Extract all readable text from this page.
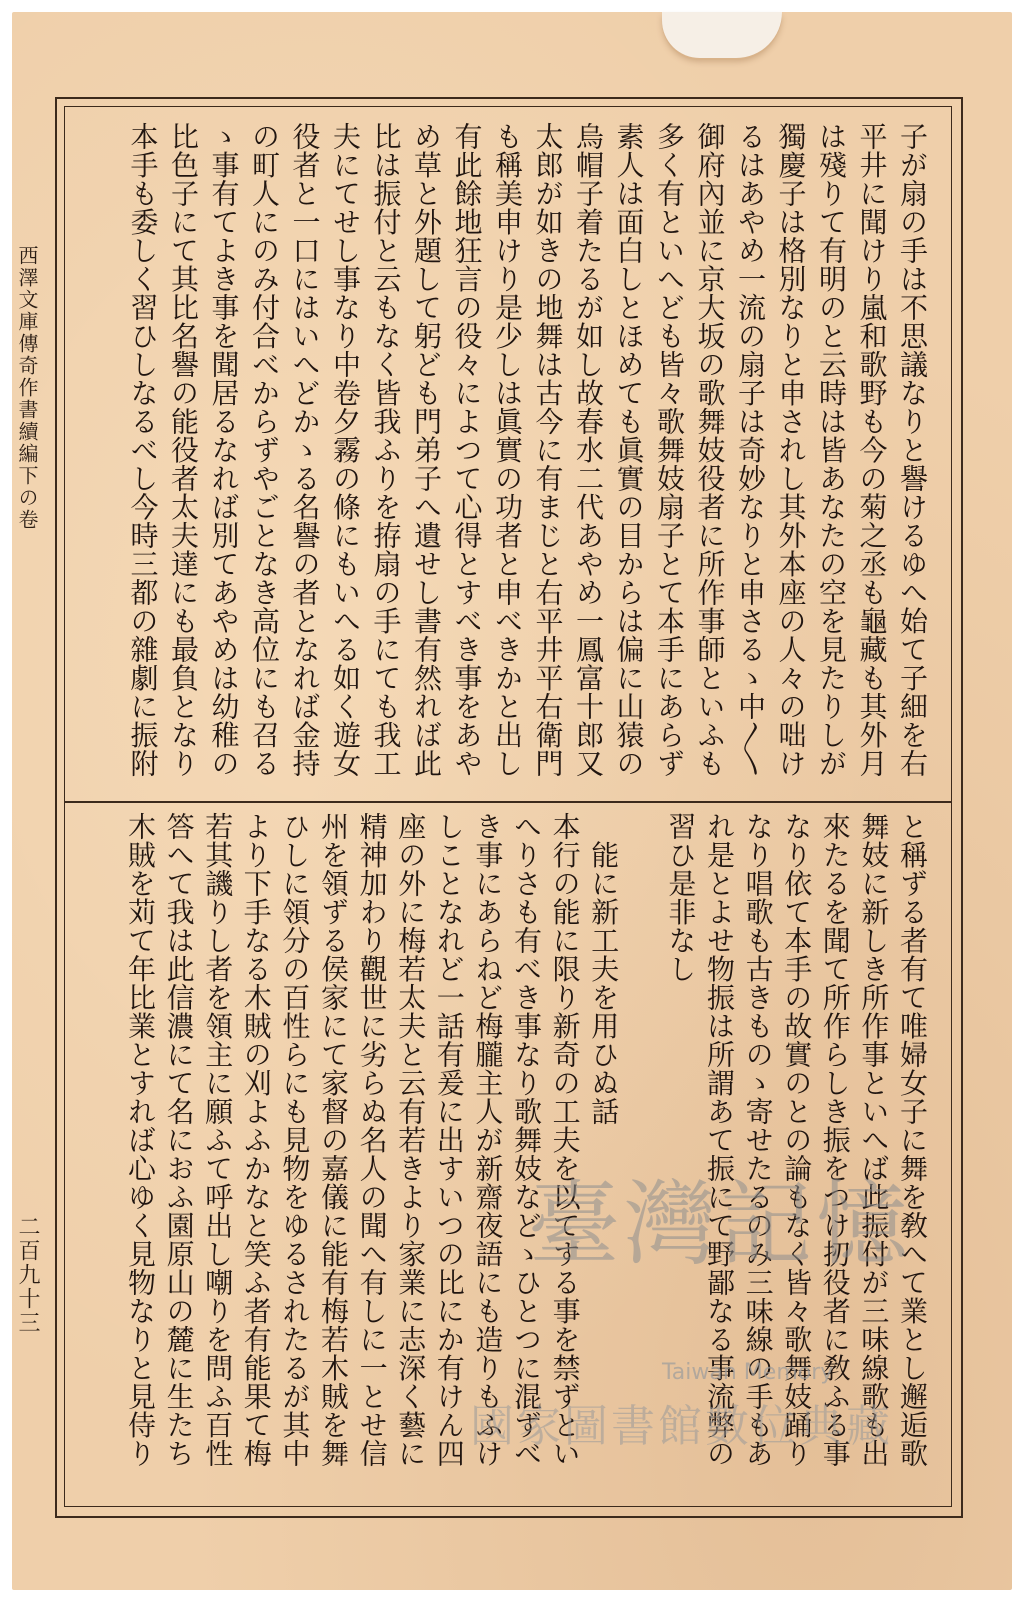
西澤文庫傳奇作書續編下の卷
二百九十三
子が扇の手は不思議なりと譽けるゆへ始て子細を右
平井に聞けり嵐和歌野も今の菊之丞も龜藏も其外月
は殘りて有明のと云時は皆あなたの空を見たりしが
獨慶子は格別なりと申されし其外本座の人々の咄け
るはあやめ一流の扇子は奇妙なりと申さるゝ中〳〵
御府內並に京大坂の歌舞妓役者に所作事師といふも
多く有といへども皆々歌舞妓扇子とて本手にあらず
素人は面白しとほめても眞實の目からは偏に山猿の
烏帽子着たるが如し故春水二代あやめ一鳳富十郎又
太郎が如きの地舞は古今に有まじと右平井平右衛門
も稱美申けり是少しは眞實の功者と申べきかと出し
有此餘地狂言の役々によつて心得とすべき事をあや
め草と外題して躬ども門弟子へ遺せし書有然れば此
比は振付と云もなく皆我ふりを拵扇の手にても我工
夫にてせし事なり中卷夕霧の條にもいへる如く遊女
役者と一口にはいへどかゝる名譽の者となれば金持
の町人にのみ付合べからずやごとなき高位にも召る
ゝ事有てよき事を聞居るなれば別てあやめは幼稚の
比色子にて其比名譽の能役者太夫達にも最負となり
本手も委しく習ひしなるべし今時三都の雜劇に振附
と稱ずる者有て唯婦女子に舞を敎へて業とし邂逅歌
舞妓に新しき所作事といへば此振付が三味線歌も出
來たるを聞て所作らしき振をつけ扨役者に敎ふる事
なり依て本手の故實のとの論もなく皆々歌舞妓踊り
なり唱歌も古きものゝ寄せたるのみ三味線の手もあ
れ是とよせ物振は所謂あて振にて野鄙なる事流弊の
習ひ是非なし
　能に新工夫を用ひぬ話
本行の能に限り新奇の工夫を以てする事を禁ずとい
へりさも有べき事なり歌舞妓などゝひとつに混ずべ
き事にあらねど梅朧主人が新齋夜語にも造りもふけ
しことなれど一話有爰に出すいつの比にか有けん四
座の外に梅若太夫と云有若きより家業に志深く藝に
精神加わり觀世に劣らぬ名人の聞へ有しに一とせ信
州を領ずる侯家にて家督の嘉儀に能有梅若木賊を舞
ひしに領分の百性らにも見物をゆるされたるが其中
より下手なる木賊の刈よふかなと笑ふ者有能果て梅
若其譏りし者を領主に願ふて呼出し嘲りを問ふ百性
答へて我は此信濃にて名におふ園原山の麓に生たち
木賊を苅て年比業とすれば心ゆく見物なりと見侍り	臺灣記憶
Taiwan Memory
國家圖書館數位典藏
